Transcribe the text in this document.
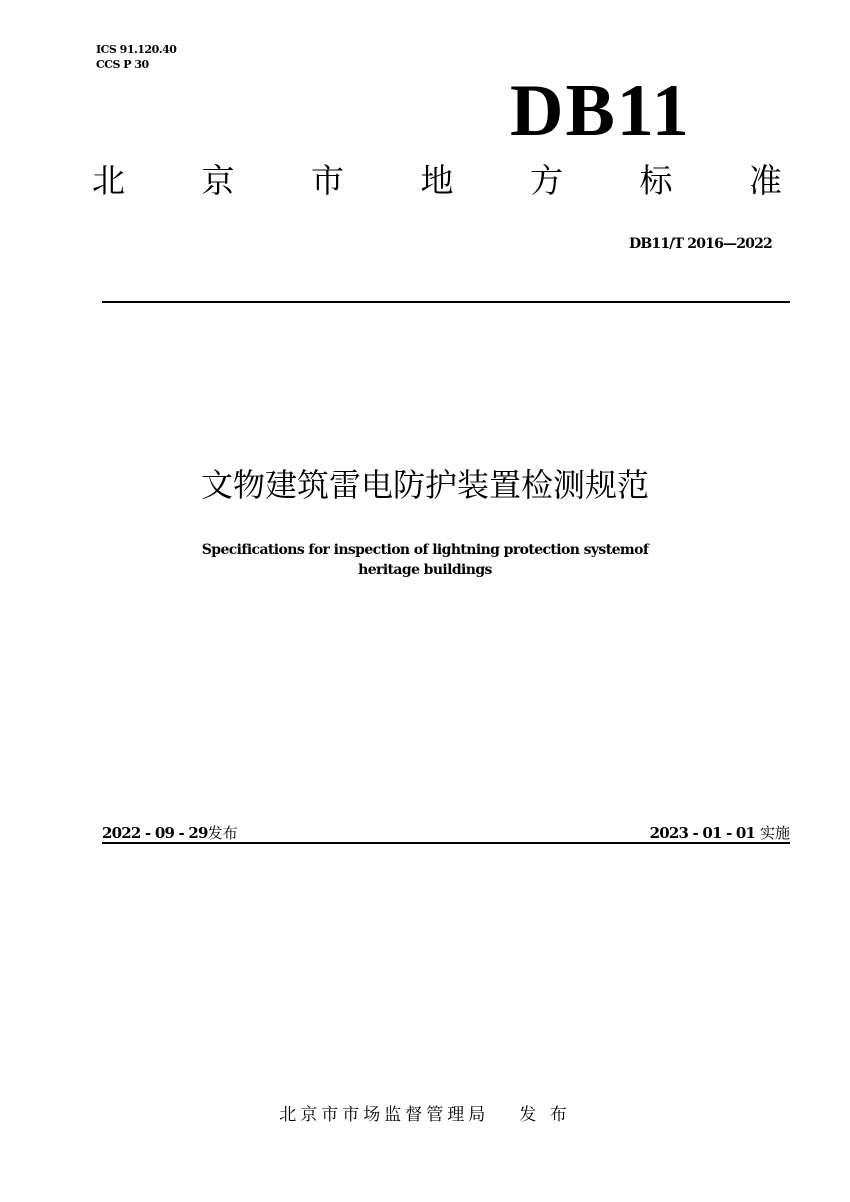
ICS 91.120.40
CCS P 30
DB11
北 京 市 地 方 标 准
DB11/T 2016—2022
文物建筑雷电防护装置检测规范
Specifications for inspection of lightning protection systemof
heritage buildings
2022 - 09 - 29发布	2023 - 01 - 01 实施
北京市市场监督管理局 发 布
